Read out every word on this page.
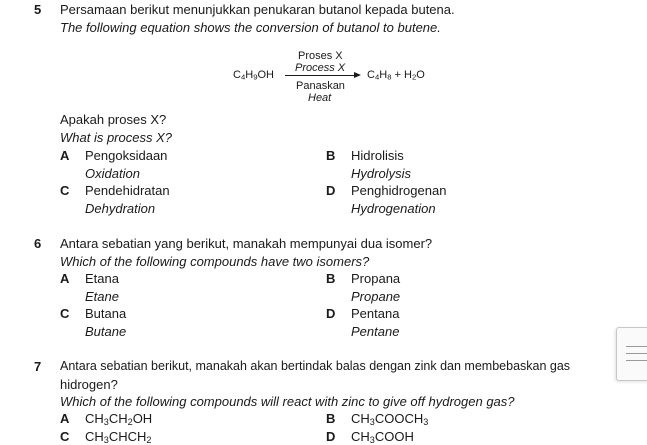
5 Persamaan berikut menunjukkan penukaran butanol kepada butena.
The following equation shows the conversion of butanol to butene.
$C_4H_9OH$
Proses X
Process X
Panaskan
Heat
$C_4H_8 + H_2O$
Apakah proses X?
What is process X?
A Pengoksidaan
Oxidation
B Hidrolisis
Hydrolysis
C Pendehidratan
Dehydration
D Penghidrogenan
Hydrogenation
6 Antara sebatian yang berikut, manakah mempunyai dua isomer?
Which of the following compounds have two isomers?
A Etana
Etane
B Propana
Propane
C Butana
Butane
D Pentana
Pentane
7 Antara sebatian berikut, manakah akan bertindak balas dengan zink dan membebaskan gas
hidrogen?
Which of the following compounds will react with zinc to give off hydrogen gas?
A $CH_3CH_2OH$	B $CH_3COOCH_3$
C $CH_3CHCH_2$	D $CH_3COOH$
